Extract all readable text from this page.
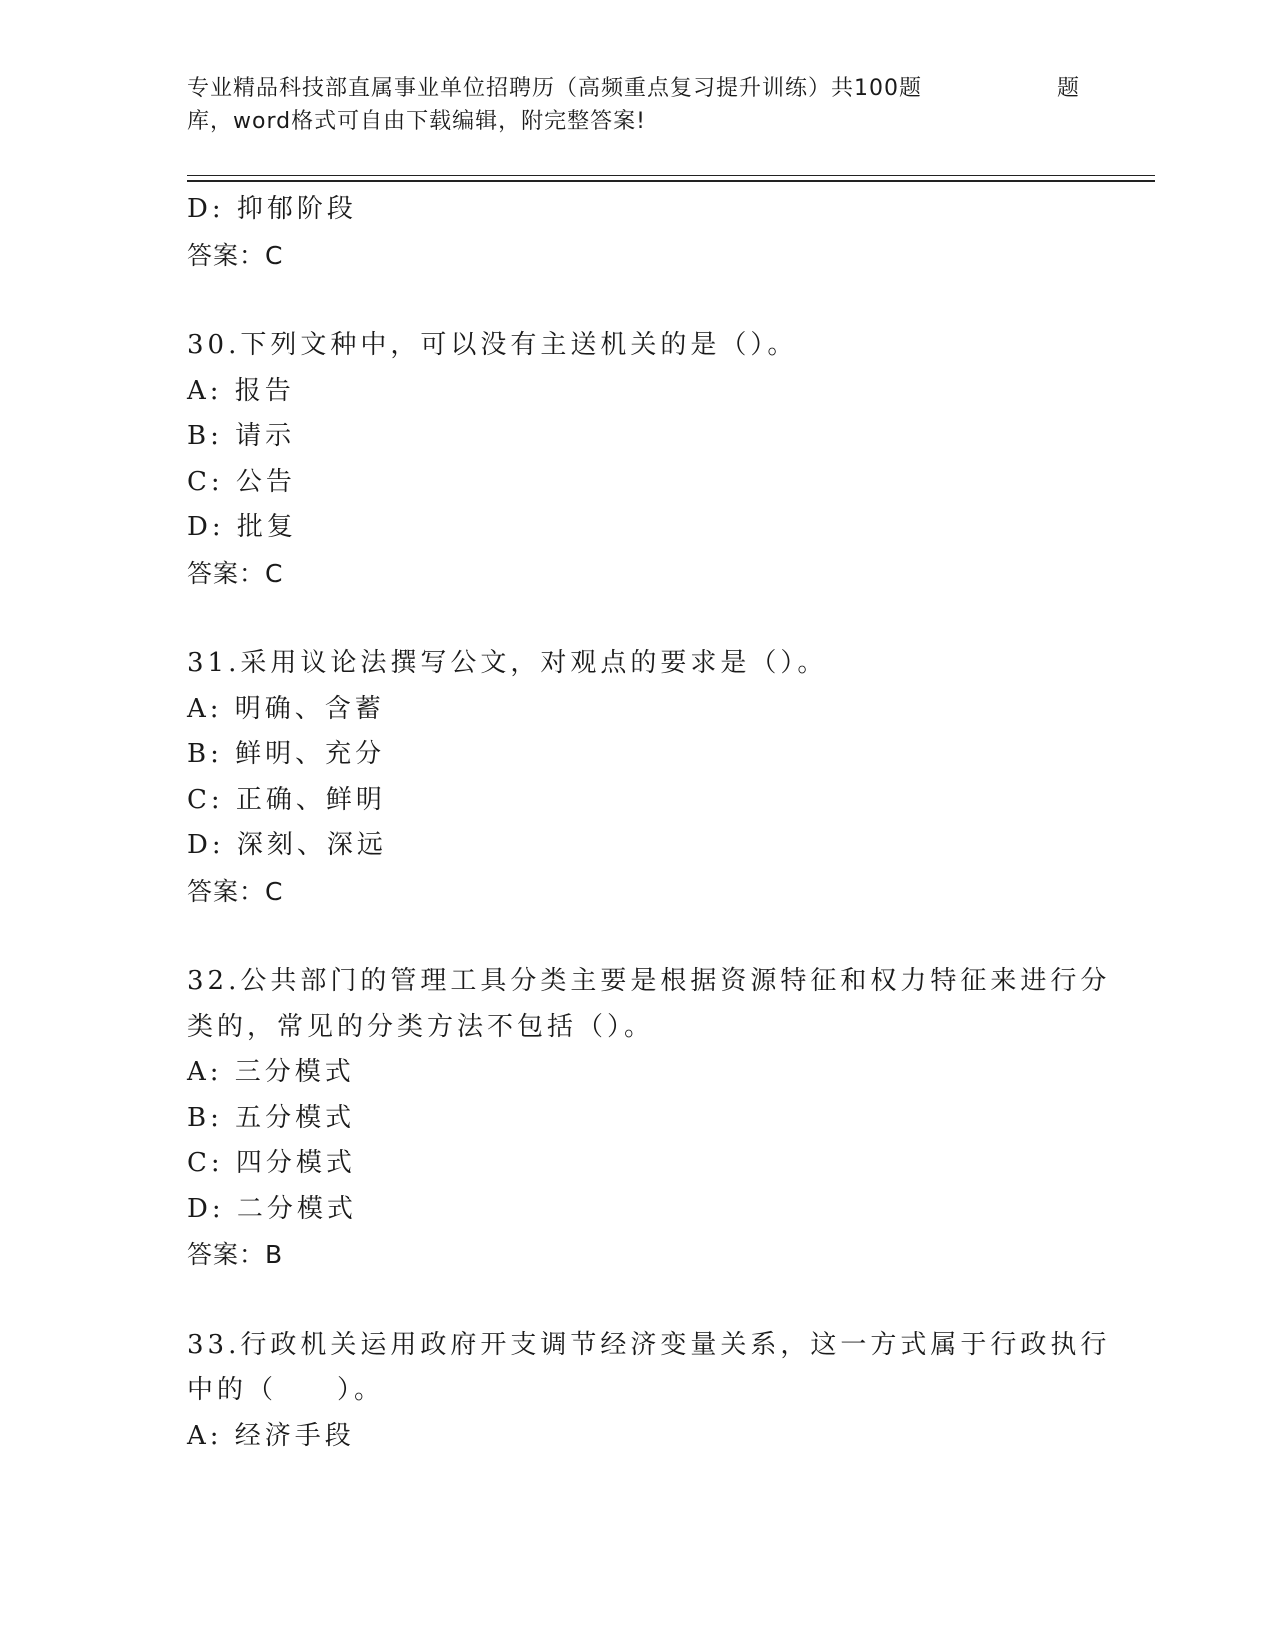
专业精品科技部直属事业单位招聘历（高频重点复习提升训练）共100题	题
库，word格式可自由下载编辑，附完整答案!
D: 抑郁阶段
答案：C
30.下列文种中，可以没有主送机关的是（）。
A: 报告
B: 请示
C: 公告
D: 批复
答案：C
31.采用议论法撰写公文，对观点的要求是（）。
A: 明确、含蓄
B: 鲜明、充分
C: 正确、鲜明
D: 深刻、深远
答案：C
32.公共部门的管理工具分类主要是根据资源特征和权力特征来进行分
类的，常见的分类方法不包括（）。
A: 三分模式
B: 五分模式
C: 四分模式
D: 二分模式
答案：B
33.行政机关运用政府开支调节经济变量关系，这一方式属于行政执行
中的（　　）。
A: 经济手段
